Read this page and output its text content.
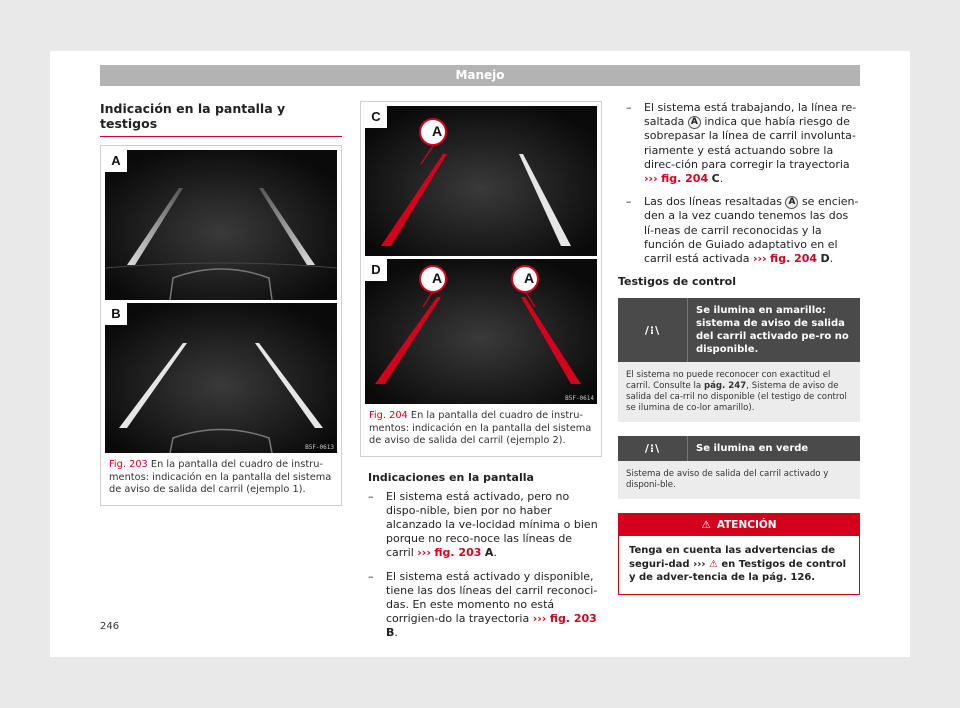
Manejo
Indicación en la pantalla y testigos
A
B
B5F-0613
Fig. 203 En la pantalla del cuadro de instru-mentos: indicación en la pantalla del sistema de aviso de salida del carril (ejemplo 1).
C
A
D
A	A
B5F-0614
Fig. 204 En la pantalla del cuadro de instru-mentos: indicación en la pantalla del sistema de aviso de salida del carril (ejemplo 2).
Indicaciones en la pantalla
– El sistema está activado, pero no dispo-nible, bien por no haber alcanzado la ve-locidad mínima o bien porque no reco-noce las líneas de carril ››› fig. 203 A.
– El sistema está activado y disponible, tiene las dos líneas del carril reconoci-das. En este momento no está corrigien-do la trayectoria ››› fig. 203 B.
– El sistema está trabajando, la línea re-saltada A indica que había riesgo de sobrepasar la línea de carril involunta-riamente y está actuando sobre la direc-ción para corregir la trayectoria ››› fig. 204 C.
– Las dos líneas resaltadas A se encien-den a la vez cuando tenemos las dos lí-neas de carril reconocidas y la función de Guiado adaptativo en el carril está activada ››› fig. 204 D.
Testigos de control
/⁝\
Se ilumina en amarillo: sistema de aviso de salida del carril activado pe-ro no disponible.
El sistema no puede reconocer con exactitud el carril. Consulte la pág. 247, Sistema de aviso de salida del ca-rril no disponible (el testigo de control se ilumina de co-lor amarillo).
/⁝\	Se ilumina en verde
Sistema de aviso de salida del carril activado y disponi-ble.
⚠ ATENCIÓN
Tenga en cuenta las advertencias de seguri-dad ››› ⚠ en Testigos de control y de adver-tencia de la pág. 126.
246
